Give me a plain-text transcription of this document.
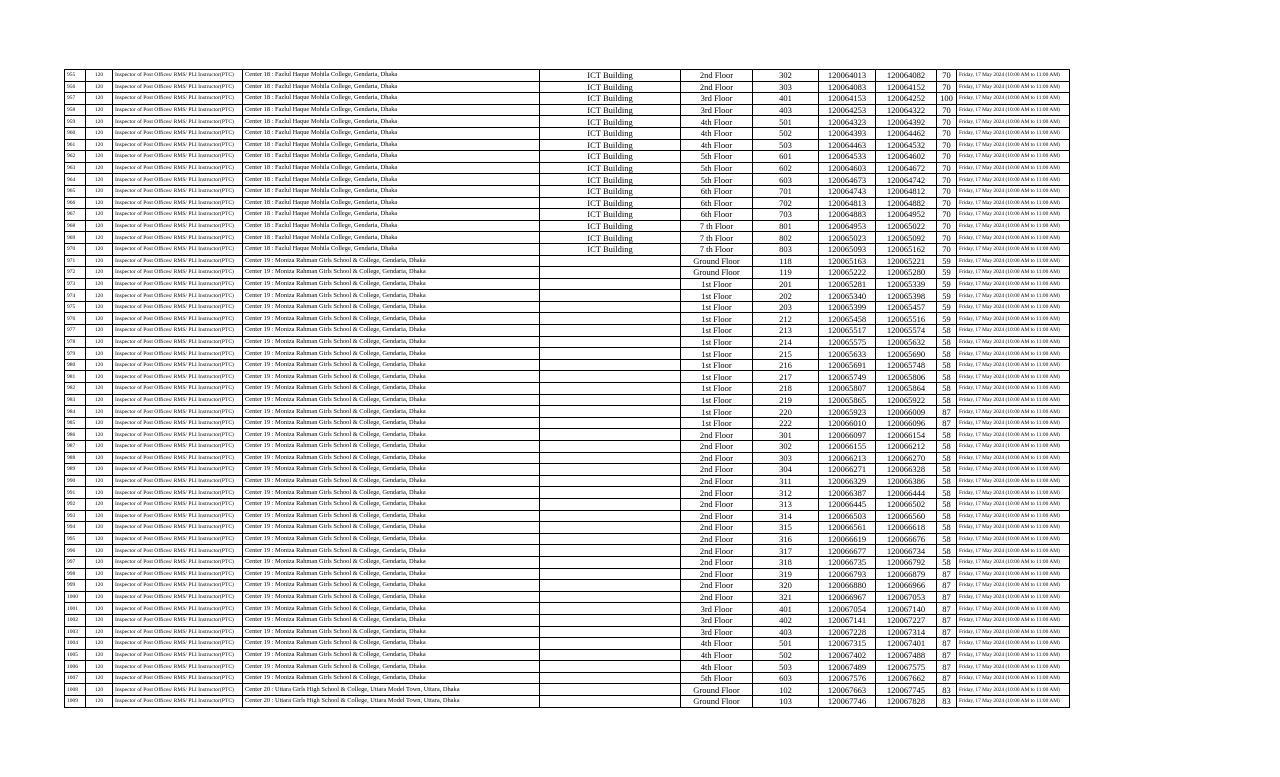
955	120	Inspector of Post Offices/ RMS/ PLI Instructor(PTC)	Center 18 : Fazlul Haque Mohila College, Gendaria, Dhaka	ICT Building	2nd Floor	302	120064013	120064082	70	Friday, 17 May 2024 (10:00 AM to 11:00 AM)
956	120	Inspector of Post Offices/ RMS/ PLI Instructor(PTC)	Center 18 : Fazlul Haque Mohila College, Gendaria, Dhaka	ICT Building	2nd Floor	303	120064083	120064152	70	Friday, 17 May 2024 (10:00 AM to 11:00 AM)
957	120	Inspector of Post Offices/ RMS/ PLI Instructor(PTC)	Center 18 : Fazlul Haque Mohila College, Gendaria, Dhaka	ICT Building	3rd Floor	401	120064153	120064252	100	Friday, 17 May 2024 (10:00 AM to 11:00 AM)
958	120	Inspector of Post Offices/ RMS/ PLI Instructor(PTC)	Center 18 : Fazlul Haque Mohila College, Gendaria, Dhaka	ICT Building	3rd Floor	403	120064253	120064322	70	Friday, 17 May 2024 (10:00 AM to 11:00 AM)
959	120	Inspector of Post Offices/ RMS/ PLI Instructor(PTC)	Center 18 : Fazlul Haque Mohila College, Gendaria, Dhaka	ICT Building	4th Floor	501	120064323	120064392	70	Friday, 17 May 2024 (10:00 AM to 11:00 AM)
960	120	Inspector of Post Offices/ RMS/ PLI Instructor(PTC)	Center 18 : Fazlul Haque Mohila College, Gendaria, Dhaka	ICT Building	4th Floor	502	120064393	120064462	70	Friday, 17 May 2024 (10:00 AM to 11:00 AM)
961	120	Inspector of Post Offices/ RMS/ PLI Instructor(PTC)	Center 18 : Fazlul Haque Mohila College, Gendaria, Dhaka	ICT Building	4th Floor	503	120064463	120064532	70	Friday, 17 May 2024 (10:00 AM to 11:00 AM)
962	120	Inspector of Post Offices/ RMS/ PLI Instructor(PTC)	Center 18 : Fazlul Haque Mohila College, Gendaria, Dhaka	ICT Building	5th Floor	601	120064533	120064602	70	Friday, 17 May 2024 (10:00 AM to 11:00 AM)
963	120	Inspector of Post Offices/ RMS/ PLI Instructor(PTC)	Center 18 : Fazlul Haque Mohila College, Gendaria, Dhaka	ICT Building	5th Floor	602	120064603	120064672	70	Friday, 17 May 2024 (10:00 AM to 11:00 AM)
964	120	Inspector of Post Offices/ RMS/ PLI Instructor(PTC)	Center 18 : Fazlul Haque Mohila College, Gendaria, Dhaka	ICT Building	5th Floor	603	120064673	120064742	70	Friday, 17 May 2024 (10:00 AM to 11:00 AM)
965	120	Inspector of Post Offices/ RMS/ PLI Instructor(PTC)	Center 18 : Fazlul Haque Mohila College, Gendaria, Dhaka	ICT Building	6th Floor	701	120064743	120064812	70	Friday, 17 May 2024 (10:00 AM to 11:00 AM)
966	120	Inspector of Post Offices/ RMS/ PLI Instructor(PTC)	Center 18 : Fazlul Haque Mohila College, Gendaria, Dhaka	ICT Building	6th Floor	702	120064813	120064882	70	Friday, 17 May 2024 (10:00 AM to 11:00 AM)
967	120	Inspector of Post Offices/ RMS/ PLI Instructor(PTC)	Center 18 : Fazlul Haque Mohila College, Gendaria, Dhaka	ICT Building	6th Floor	703	120064883	120064952	70	Friday, 17 May 2024 (10:00 AM to 11:00 AM)
968	120	Inspector of Post Offices/ RMS/ PLI Instructor(PTC)	Center 18 : Fazlul Haque Mohila College, Gendaria, Dhaka	ICT Building	7 th Floor	801	120064953	120065022	70	Friday, 17 May 2024 (10:00 AM to 11:00 AM)
969	120	Inspector of Post Offices/ RMS/ PLI Instructor(PTC)	Center 18 : Fazlul Haque Mohila College, Gendaria, Dhaka	ICT Building	7 th Floor	802	120065023	120065092	70	Friday, 17 May 2024 (10:00 AM to 11:00 AM)
970	120	Inspector of Post Offices/ RMS/ PLI Instructor(PTC)	Center 18 : Fazlul Haque Mohila College, Gendaria, Dhaka	ICT Building	7 th Floor	803	120065093	120065162	70	Friday, 17 May 2024 (10:00 AM to 11:00 AM)
971	120	Inspector of Post Offices/ RMS/ PLI Instructor(PTC)	Center 19 : Moniza Rahman Girls School & College, Gendaria, Dhaka		Ground Floor	118	120065163	120065221	59	Friday, 17 May 2024 (10:00 AM to 11:00 AM)
972	120	Inspector of Post Offices/ RMS/ PLI Instructor(PTC)	Center 19 : Moniza Rahman Girls School & College, Gendaria, Dhaka		Ground Floor	119	120065222	120065280	59	Friday, 17 May 2024 (10:00 AM to 11:00 AM)
973	120	Inspector of Post Offices/ RMS/ PLI Instructor(PTC)	Center 19 : Moniza Rahman Girls School & College, Gendaria, Dhaka		1st Floor	201	120065281	120065339	59	Friday, 17 May 2024 (10:00 AM to 11:00 AM)
974	120	Inspector of Post Offices/ RMS/ PLI Instructor(PTC)	Center 19 : Moniza Rahman Girls School & College, Gendaria, Dhaka		1st Floor	202	120065340	120065398	59	Friday, 17 May 2024 (10:00 AM to 11:00 AM)
975	120	Inspector of Post Offices/ RMS/ PLI Instructor(PTC)	Center 19 : Moniza Rahman Girls School & College, Gendaria, Dhaka		1st Floor	203	120065399	120065457	59	Friday, 17 May 2024 (10:00 AM to 11:00 AM)
976	120	Inspector of Post Offices/ RMS/ PLI Instructor(PTC)	Center 19 : Moniza Rahman Girls School & College, Gendaria, Dhaka		1st Floor	212	120065458	120065516	59	Friday, 17 May 2024 (10:00 AM to 11:00 AM)
977	120	Inspector of Post Offices/ RMS/ PLI Instructor(PTC)	Center 19 : Moniza Rahman Girls School & College, Gendaria, Dhaka		1st Floor	213	120065517	120065574	58	Friday, 17 May 2024 (10:00 AM to 11:00 AM)
978	120	Inspector of Post Offices/ RMS/ PLI Instructor(PTC)	Center 19 : Moniza Rahman Girls School & College, Gendaria, Dhaka		1st Floor	214	120065575	120065632	58	Friday, 17 May 2024 (10:00 AM to 11:00 AM)
979	120	Inspector of Post Offices/ RMS/ PLI Instructor(PTC)	Center 19 : Moniza Rahman Girls School & College, Gendaria, Dhaka		1st Floor	215	120065633	120065690	58	Friday, 17 May 2024 (10:00 AM to 11:00 AM)
980	120	Inspector of Post Offices/ RMS/ PLI Instructor(PTC)	Center 19 : Moniza Rahman Girls School & College, Gendaria, Dhaka		1st Floor	216	120065691	120065748	58	Friday, 17 May 2024 (10:00 AM to 11:00 AM)
981	120	Inspector of Post Offices/ RMS/ PLI Instructor(PTC)	Center 19 : Moniza Rahman Girls School & College, Gendaria, Dhaka		1st Floor	217	120065749	120065806	58	Friday, 17 May 2024 (10:00 AM to 11:00 AM)
982	120	Inspector of Post Offices/ RMS/ PLI Instructor(PTC)	Center 19 : Moniza Rahman Girls School & College, Gendaria, Dhaka		1st Floor	218	120065807	120065864	58	Friday, 17 May 2024 (10:00 AM to 11:00 AM)
983	120	Inspector of Post Offices/ RMS/ PLI Instructor(PTC)	Center 19 : Moniza Rahman Girls School & College, Gendaria, Dhaka		1st Floor	219	120065865	120065922	58	Friday, 17 May 2024 (10:00 AM to 11:00 AM)
984	120	Inspector of Post Offices/ RMS/ PLI Instructor(PTC)	Center 19 : Moniza Rahman Girls School & College, Gendaria, Dhaka		1st Floor	220	120065923	120066009	87	Friday, 17 May 2024 (10:00 AM to 11:00 AM)
985	120	Inspector of Post Offices/ RMS/ PLI Instructor(PTC)	Center 19 : Moniza Rahman Girls School & College, Gendaria, Dhaka		1st Floor	222	120066010	120066096	87	Friday, 17 May 2024 (10:00 AM to 11:00 AM)
986	120	Inspector of Post Offices/ RMS/ PLI Instructor(PTC)	Center 19 : Moniza Rahman Girls School & College, Gendaria, Dhaka		2nd Floor	301	120066097	120066154	58	Friday, 17 May 2024 (10:00 AM to 11:00 AM)
987	120	Inspector of Post Offices/ RMS/ PLI Instructor(PTC)	Center 19 : Moniza Rahman Girls School & College, Gendaria, Dhaka		2nd Floor	302	120066155	120066212	58	Friday, 17 May 2024 (10:00 AM to 11:00 AM)
988	120	Inspector of Post Offices/ RMS/ PLI Instructor(PTC)	Center 19 : Moniza Rahman Girls School & College, Gendaria, Dhaka		2nd Floor	303	120066213	120066270	58	Friday, 17 May 2024 (10:00 AM to 11:00 AM)
989	120	Inspector of Post Offices/ RMS/ PLI Instructor(PTC)	Center 19 : Moniza Rahman Girls School & College, Gendaria, Dhaka		2nd Floor	304	120066271	120066328	58	Friday, 17 May 2024 (10:00 AM to 11:00 AM)
990	120	Inspector of Post Offices/ RMS/ PLI Instructor(PTC)	Center 19 : Moniza Rahman Girls School & College, Gendaria, Dhaka		2nd Floor	311	120066329	120066386	58	Friday, 17 May 2024 (10:00 AM to 11:00 AM)
991	120	Inspector of Post Offices/ RMS/ PLI Instructor(PTC)	Center 19 : Moniza Rahman Girls School & College, Gendaria, Dhaka		2nd Floor	312	120066387	120066444	58	Friday, 17 May 2024 (10:00 AM to 11:00 AM)
992	120	Inspector of Post Offices/ RMS/ PLI Instructor(PTC)	Center 19 : Moniza Rahman Girls School & College, Gendaria, Dhaka		2nd Floor	313	120066445	120066502	58	Friday, 17 May 2024 (10:00 AM to 11:00 AM)
993	120	Inspector of Post Offices/ RMS/ PLI Instructor(PTC)	Center 19 : Moniza Rahman Girls School & College, Gendaria, Dhaka		2nd Floor	314	120066503	120066560	58	Friday, 17 May 2024 (10:00 AM to 11:00 AM)
994	120	Inspector of Post Offices/ RMS/ PLI Instructor(PTC)	Center 19 : Moniza Rahman Girls School & College, Gendaria, Dhaka		2nd Floor	315	120066561	120066618	58	Friday, 17 May 2024 (10:00 AM to 11:00 AM)
995	120	Inspector of Post Offices/ RMS/ PLI Instructor(PTC)	Center 19 : Moniza Rahman Girls School & College, Gendaria, Dhaka		2nd Floor	316	120066619	120066676	58	Friday, 17 May 2024 (10:00 AM to 11:00 AM)
996	120	Inspector of Post Offices/ RMS/ PLI Instructor(PTC)	Center 19 : Moniza Rahman Girls School & College, Gendaria, Dhaka		2nd Floor	317	120066677	120066734	58	Friday, 17 May 2024 (10:00 AM to 11:00 AM)
997	120	Inspector of Post Offices/ RMS/ PLI Instructor(PTC)	Center 19 : Moniza Rahman Girls School & College, Gendaria, Dhaka		2nd Floor	318	120066735	120066792	58	Friday, 17 May 2024 (10:00 AM to 11:00 AM)
998	120	Inspector of Post Offices/ RMS/ PLI Instructor(PTC)	Center 19 : Moniza Rahman Girls School & College, Gendaria, Dhaka		2nd Floor	319	120066793	120066879	87	Friday, 17 May 2024 (10:00 AM to 11:00 AM)
999	120	Inspector of Post Offices/ RMS/ PLI Instructor(PTC)	Center 19 : Moniza Rahman Girls School & College, Gendaria, Dhaka		2nd Floor	320	120066880	120066966	87	Friday, 17 May 2024 (10:00 AM to 11:00 AM)
1000	120	Inspector of Post Offices/ RMS/ PLI Instructor(PTC)	Center 19 : Moniza Rahman Girls School & College, Gendaria, Dhaka		2nd Floor	321	120066967	120067053	87	Friday, 17 May 2024 (10:00 AM to 11:00 AM)
1001	120	Inspector of Post Offices/ RMS/ PLI Instructor(PTC)	Center 19 : Moniza Rahman Girls School & College, Gendaria, Dhaka		3rd Floor	401	120067054	120067140	87	Friday, 17 May 2024 (10:00 AM to 11:00 AM)
1002	120	Inspector of Post Offices/ RMS/ PLI Instructor(PTC)	Center 19 : Moniza Rahman Girls School & College, Gendaria, Dhaka		3rd Floor	402	120067141	120067227	87	Friday, 17 May 2024 (10:00 AM to 11:00 AM)
1003	120	Inspector of Post Offices/ RMS/ PLI Instructor(PTC)	Center 19 : Moniza Rahman Girls School & College, Gendaria, Dhaka		3rd Floor	403	120067228	120067314	87	Friday, 17 May 2024 (10:00 AM to 11:00 AM)
1004	120	Inspector of Post Offices/ RMS/ PLI Instructor(PTC)	Center 19 : Moniza Rahman Girls School & College, Gendaria, Dhaka		4th Floor	501	120067315	120067401	87	Friday, 17 May 2024 (10:00 AM to 11:00 AM)
1005	120	Inspector of Post Offices/ RMS/ PLI Instructor(PTC)	Center 19 : Moniza Rahman Girls School & College, Gendaria, Dhaka		4th Floor	502	120067402	120067488	87	Friday, 17 May 2024 (10:00 AM to 11:00 AM)
1006	120	Inspector of Post Offices/ RMS/ PLI Instructor(PTC)	Center 19 : Moniza Rahman Girls School & College, Gendaria, Dhaka		4th Floor	503	120067489	120067575	87	Friday, 17 May 2024 (10:00 AM to 11:00 AM)
1007	120	Inspector of Post Offices/ RMS/ PLI Instructor(PTC)	Center 19 : Moniza Rahman Girls School & College, Gendaria, Dhaka		5th Floor	603	120067576	120067662	87	Friday, 17 May 2024 (10:00 AM to 11:00 AM)
1008	120	Inspector of Post Offices/ RMS/ PLI Instructor(PTC)	Center 20 : Uttara Girls High School & College, Uttara Model Town, Uttara, Dhaka		Ground Floor	102	120067663	120067745	83	Friday, 17 May 2024 (10:00 AM to 11:00 AM)
1009	120	Inspector of Post Offices/ RMS/ PLI Instructor(PTC)	Center 20 : Uttara Girls High School & College, Uttara Model Town, Uttara, Dhaka		Ground Floor	103	120067746	120067828	83	Friday, 17 May 2024 (10:00 AM to 11:00 AM)
